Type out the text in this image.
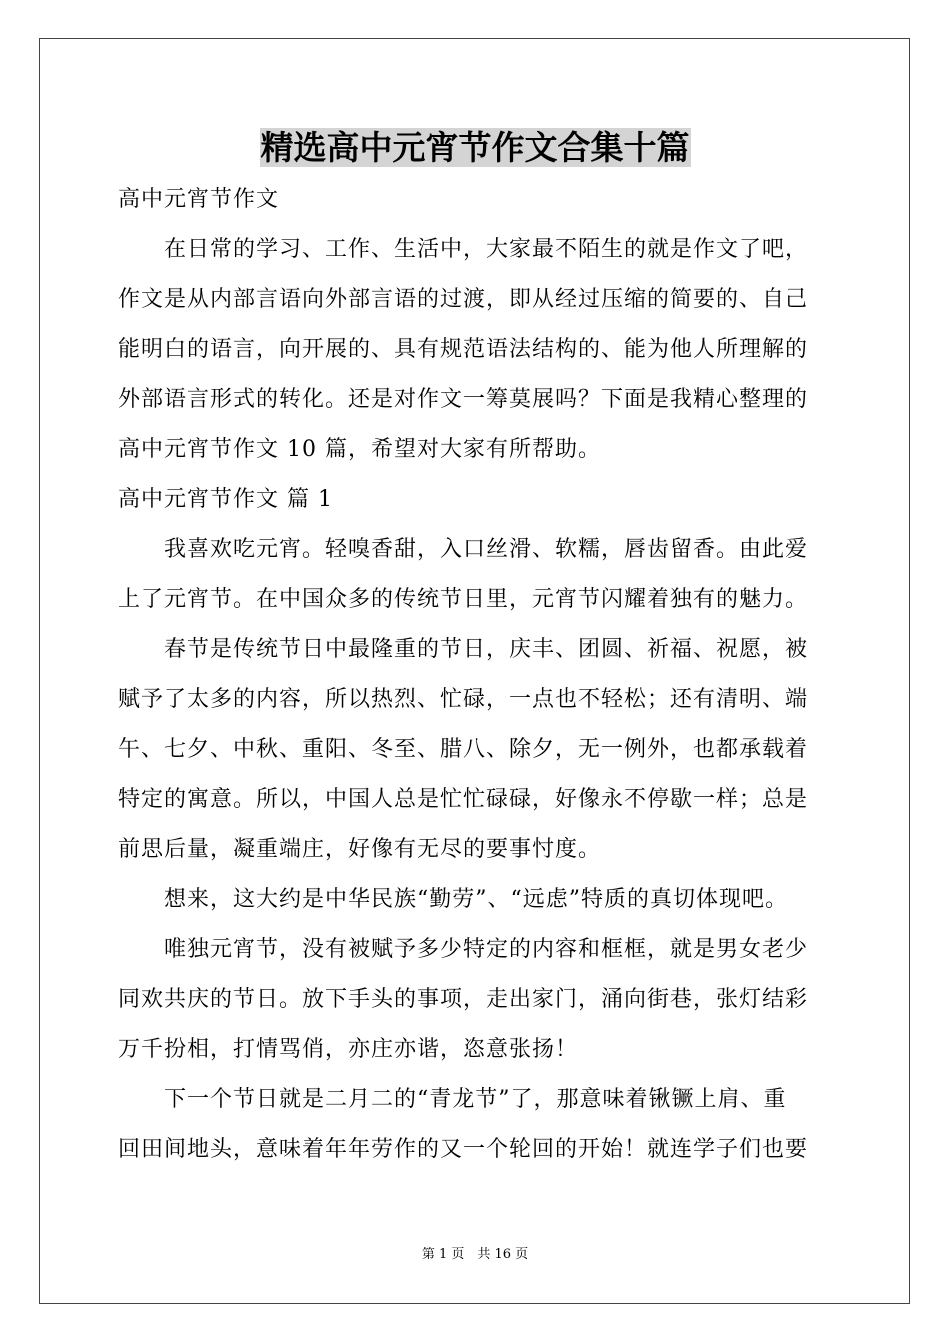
精选高中元宵节作文合集十篇
高中元宵节作文
在日常的学习、工作、生活中，大家最不陌生的就是作文了吧，
作文是从内部言语向外部言语的过渡，即从经过压缩的简要的、自己
能明白的语言，向开展的、具有规范语法结构的、能为他人所理解的
外部语言形式的转化。还是对作文一筹莫展吗？下面是我精心整理的
高中元宵节作文 10 篇，希望对大家有所帮助。
高中元宵节作文 篇 1
我喜欢吃元宵。轻嗅香甜，入口丝滑、软糯，唇齿留香。由此爱
上了元宵节。在中国众多的传统节日里，元宵节闪耀着独有的魅力。
春节是传统节日中最隆重的节日，庆丰、团圆、祈福、祝愿，被
赋予了太多的内容，所以热烈、忙碌，一点也不轻松；还有清明、端
午、七夕、中秋、重阳、冬至、腊八、除夕，无一例外，也都承载着
特定的寓意。所以，中国人总是忙忙碌碌，好像永不停歇一样；总是
前思后量，凝重端庄，好像有无尽的要事忖度。
想来，这大约是中华民族“勤劳”、“远虑”特质的真切体现吧。
唯独元宵节，没有被赋予多少特定的内容和框框，就是男女老少
同欢共庆的节日。放下手头的事项，走出家门，涌向街巷，张灯结彩
万千扮相，打情骂俏，亦庄亦谐，恣意张扬！
下一个节日就是二月二的“青龙节”了，那意味着锹镢上肩、重
回田间地头，意味着年年劳作的又一个轮回的开始！就连学子们也要
第 1 页　共 16 页
